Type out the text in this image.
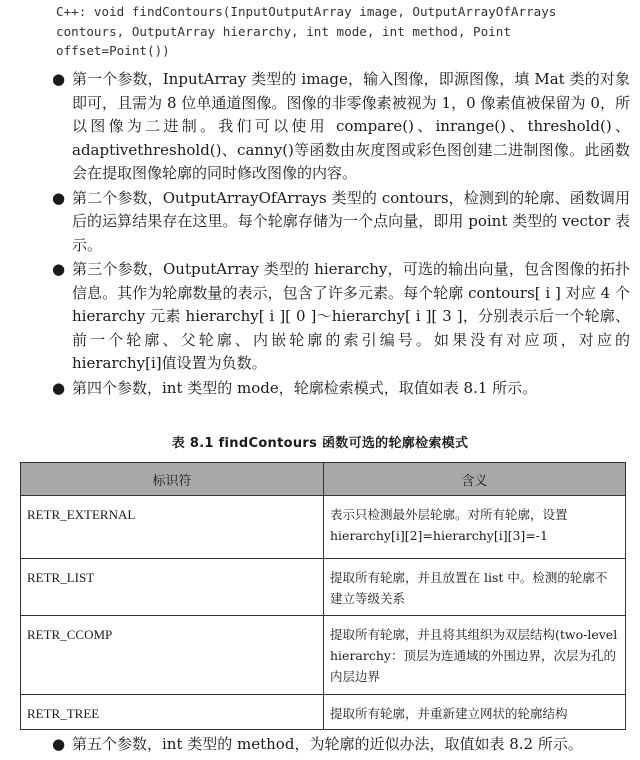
C++: void findContours(InputOutputArray image, OutputArrayOfArrays
contours, OutputArray hierarchy, int mode, int method, Point
offset=Point())
● 第一个参数，InputArray 类型的 image，输入图像，即源图像，填 Mat 类的对象即可，且需为 8 位单通道图像。图像的非零像素被视为 1，0 像素值被保留为 0，所以图像为二进制。我们可以使用 compare()、inrange()、threshold()、adaptivethreshold()、canny()等函数由灰度图或彩色图创建二进制图像。此函数会在提取图像轮廓的同时修改图像的内容。
● 第二个参数，OutputArrayOfArrays 类型的 contours，检测到的轮廓、函数调用后的运算结果存在这里。每个轮廓存储为一个点向量，即用 point 类型的 vector 表示。
● 第三个参数，OutputArray 类型的 hierarchy，可选的输出向量，包含图像的拓扑信息。其作为轮廓数量的表示，包含了许多元素。每个轮廓 contours[ i ] 对应 4 个 hierarchy 元素 hierarchy[ i ][ 0 ]～hierarchy[ i ][ 3 ]，分别表示后一个轮廓、前一个轮廓、父轮廓、内嵌轮廓的索引编号。如果没有对应项，对应的 hierarchy[i]值设置为负数。
● 第四个参数，int 类型的 mode，轮廓检索模式，取值如表 8.1 所示。
表 8.1 findContours 函数可选的轮廓检索模式
标识符	含义
RETR_EXTERNAL	表示只检测最外层轮廓。对所有轮廓，设置 hierarchy[i][2]=hierarchy[i][3]=-1
RETR_LIST	提取所有轮廓，并且放置在 list 中。检测的轮廓不建立等级关系
RETR_CCOMP	提取所有轮廓，并且将其组织为双层结构(two-level hierarchy：顶层为连通域的外围边界，次层为孔的内层边界
RETR_TREE	提取所有轮廓，并重新建立网状的轮廓结构
● 第五个参数，int 类型的 method，为轮廓的近似办法，取值如表 8.2 所示。
